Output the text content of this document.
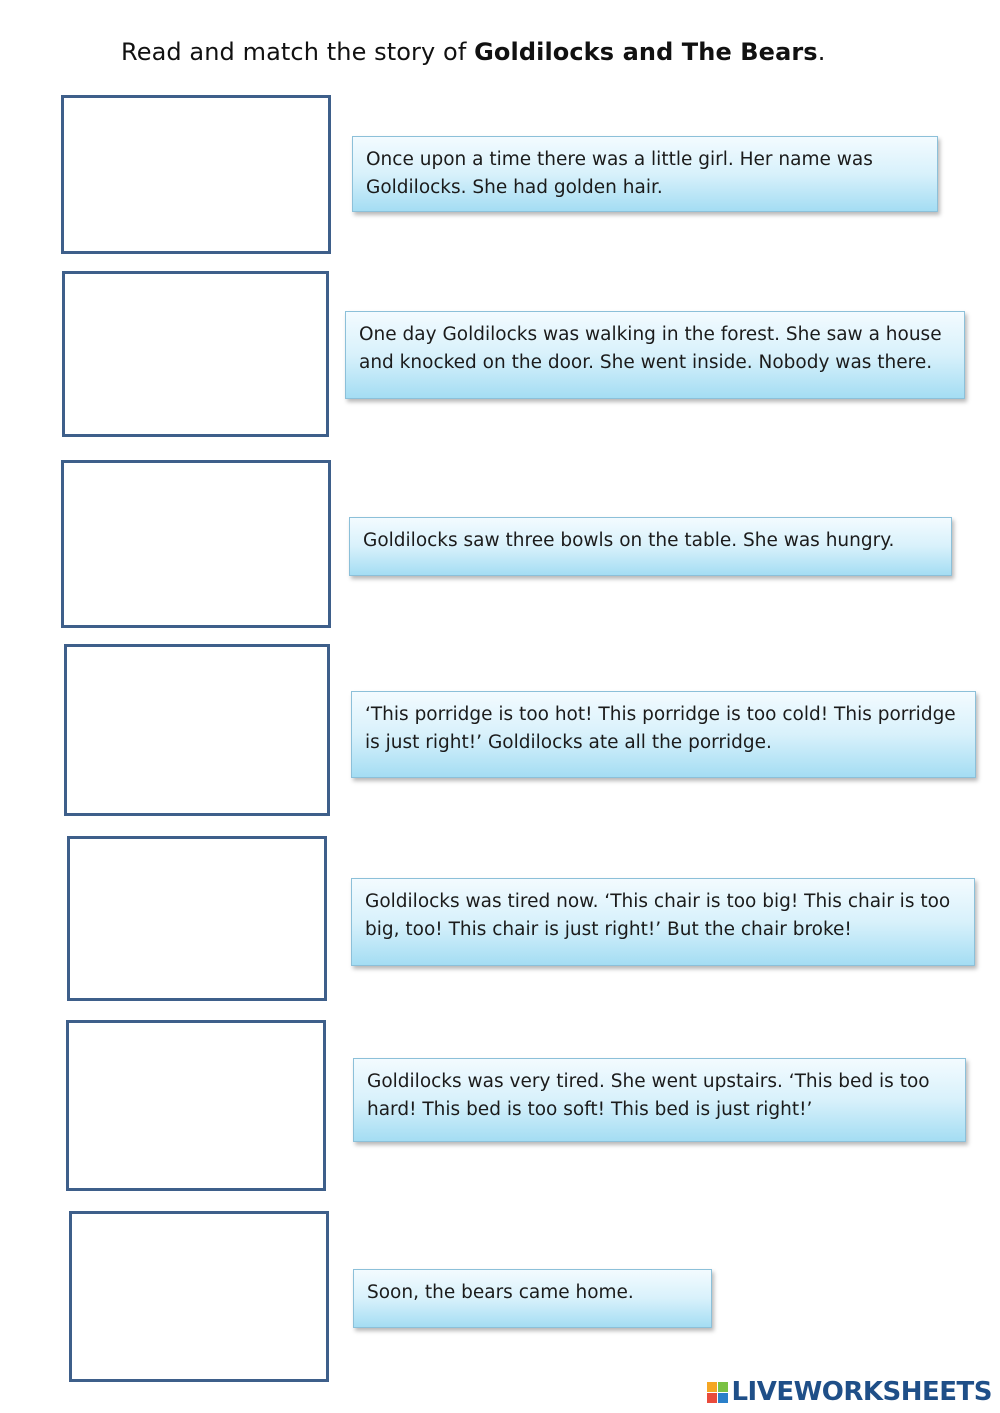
Read and match the story of Goldilocks and The Bears.
Once upon a time there was a little girl. Her name was Goldilocks. She had golden hair.
One day Goldilocks was walking in the forest. She saw a house and knocked on the door. She went inside. Nobody was there.
Goldilocks saw three bowls on the table. She was hungry.
‘This porridge is too hot! This porridge is too cold! This porridge is just right!’ Goldilocks ate all the porridge.
Goldilocks was tired now. ‘This chair is too big! This chair is too big, too! This chair is just right!’ But the chair broke!
Goldilocks was very tired. She went upstairs. ‘This bed is too hard! This bed is too soft! This bed is just right!’
Soon, the bears came home.
LIVEWORKSHEETS
